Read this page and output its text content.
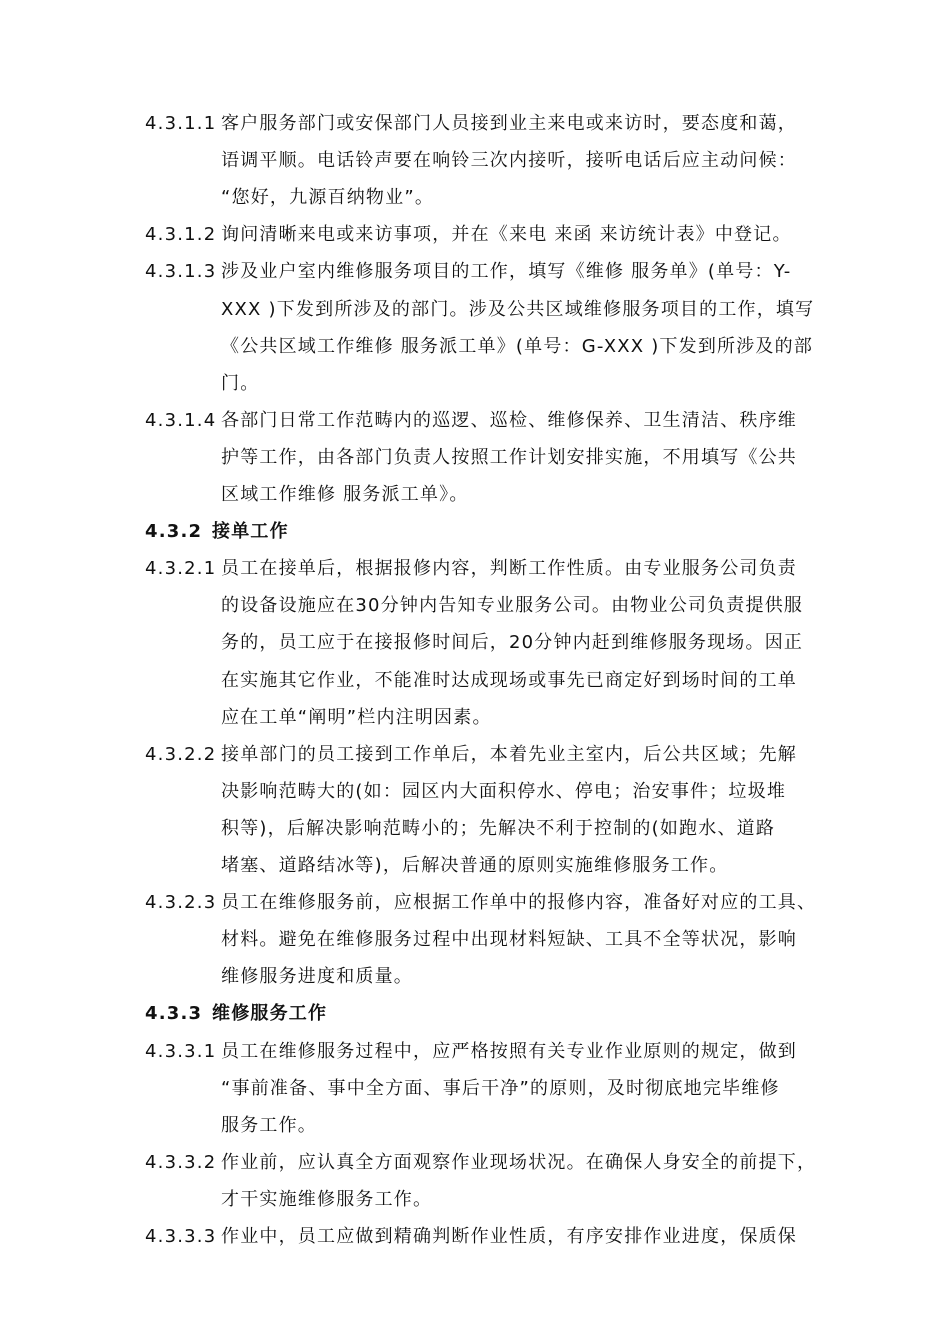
4.3.1.1 客户服务部门或安保部门人员接到业主来电或来访时，要态度和蔼，
语调平顺。电话铃声要在响铃三次内接听，接听电话后应主动问候：
“您好，九源百纳物业”。
4.3.1.2 询问清晰来电或来访事项，并在《来电 来函 来访统计表》中登记。
4.3.1.3 涉及业户室内维修服务项目的工作，填写《维修 服务单》(单号：Y-
XXX )下发到所涉及的部门。涉及公共区域维修服务项目的工作，填写
《公共区域工作维修 服务派工单》(单号：G-XXX )下发到所涉及的部
门。
4.3.1.4 各部门日常工作范畴内的巡逻、巡检、维修保养、卫生清洁、秩序维
护等工作，由各部门负责人按照工作计划安排实施，不用填写《公共
区域工作维修 服务派工单》。
4.3.2 接单工作
4.3.2.1 员工在接单后，根据报修内容，判断工作性质。由专业服务公司负责
的设备设施应在30分钟内告知专业服务公司。由物业公司负责提供服
务的，员工应于在接报修时间后，20分钟内赶到维修服务现场。因正
在实施其它作业，不能准时达成现场或事先已商定好到场时间的工单
应在工单“阐明”栏内注明因素。
4.3.2.2 接单部门的员工接到工作单后，本着先业主室内，后公共区域；先解
决影响范畴大的(如：园区内大面积停水、停电；治安事件；垃圾堆
积等)，后解决影响范畴小的；先解决不利于控制的(如跑水、道路
堵塞、道路结冰等)，后解决普通的原则实施维修服务工作。
4.3.2.3 员工在维修服务前，应根据工作单中的报修内容，准备好对应的工具、
材料。避免在维修服务过程中出现材料短缺、工具不全等状况，影响
维修服务进度和质量。
4.3.3 维修服务工作
4.3.3.1 员工在维修服务过程中，应严格按照有关专业作业原则的规定，做到
“事前准备、事中全方面、事后干净”的原则，及时彻底地完毕维修
服务工作。
4.3.3.2 作业前，应认真全方面观察作业现场状况。在确保人身安全的前提下，
才干实施维修服务工作。
4.3.3.3 作业中，员工应做到精确判断作业性质，有序安排作业进度，保质保
